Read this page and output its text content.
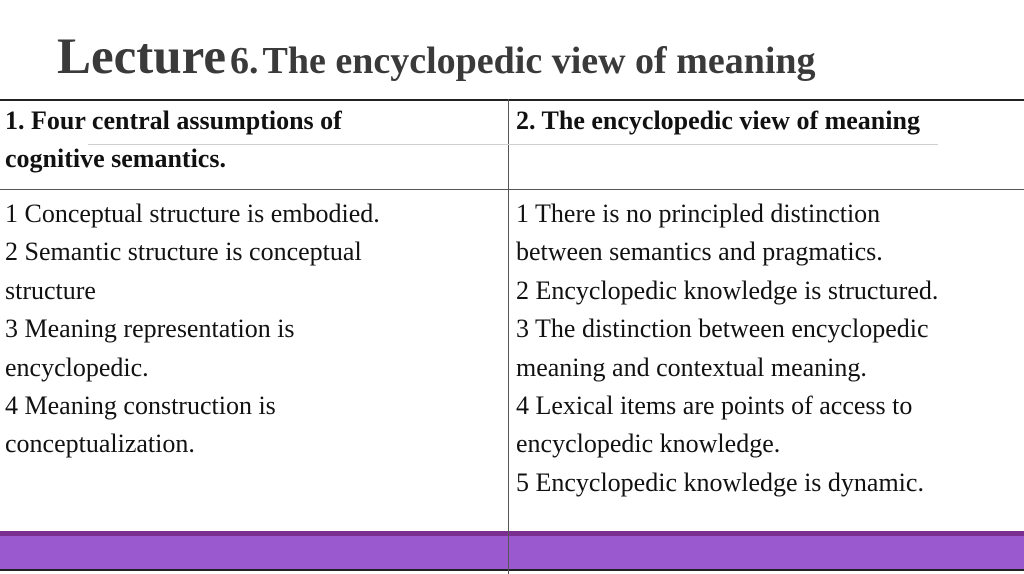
Lecture 6. The encyclopedic view of meaning
1. Four central assumptions of
cognitive semantics.
2. The encyclopedic view of meaning
1 Conceptual structure is embodied.
2 Semantic structure is conceptual
structure
3 Meaning representation is
encyclopedic.
4 Meaning construction is
conceptualization.
1 There is no principled distinction
between semantics and pragmatics.
2 Encyclopedic knowledge is structured.
3 The distinction between encyclopedic
meaning and contextual meaning.
4 Lexical items are points of access to
encyclopedic knowledge.
5 Encyclopedic knowledge is dynamic.
